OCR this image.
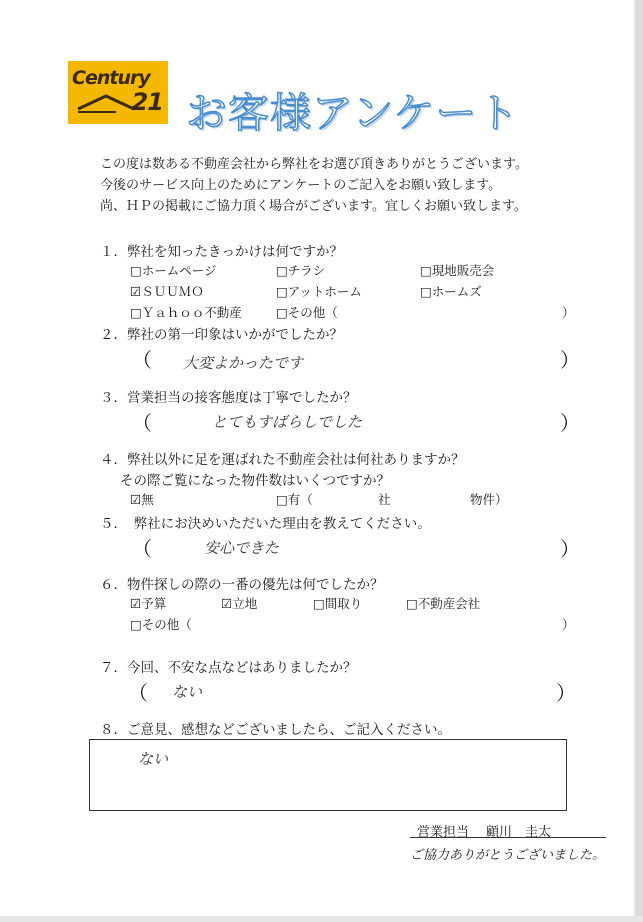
Century
21 お客様アンケート
この度は数ある不動産会社から弊社をお選び頂きありがとうございます。
今後のサービス向上のためにアンケートのご記入をお願い致します。
尚、ＨＰの掲載にご協力頂く場合がございます。宜しくお願い致します。
１．弊社を知ったきっかけは何ですか？
□ホームページ	□チラシ	□現地販売会
☑ＳＵＵＭＯ	□アットホーム	□ホームズ
□Ｙａｈｏｏ不動産	□その他（	）
２．弊社の第一印象はいかがでしたか？
（ 大変よかったです	）
３．営業担当の接客態度は丁寧でしたか？
（	とてもすばらしでした	）
４．弊社以外に足を運ばれた不動産会社は何社ありますか？
その際ご覧になった物件数はいくつですか？
☑無	□有（	社	物件）
５．　弊社にお決めいただいた理由を教えてください。
（	安心できた	）
６．物件探しの際の一番の優先は何でしたか？
☑予算	☑立地	□間取り	□不動産会社
□その他（	）
７．今回、不安な点などはありましたか？
（ ない	）
８．ご意見、感想などございましたら、ご記入ください。
ない
営業担当 顧川　圭太
ご協力ありがとうございました。
